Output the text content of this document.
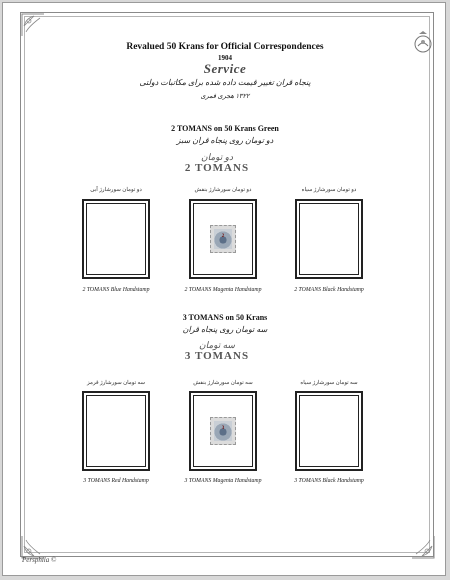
Revalued 50 Krans for Official Correspondences
1904
Service
پنجاه قران تغییر قیمت داده شده برای مکاتبات دولتی
۱۳۲۲ هجری قمری
2 TOMANS on 50 Krans Green
دو تومان روی پنجاه قران سبز
دو تومان
2 TOMANS
دو تومان سورشارژ آبی	دو تومان سورشارژ بنفش	دو تومان سورشارژ سیاه
2
2 TOMANS Blue Handstamp	2 TOMANS Magenta Handstamp	2 TOMANS Black Handstamp
3 TOMANS on 50 Krans
سه تومان روی پنجاه قران
سه تومان
3 TOMANS
سه تومان سورشارژ قرمز	سه تومان سورشارژ بنفش	سه تومان سورشارژ سیاه
3
3 TOMANS Red Handstamp	3 TOMANS Magenta Handstamp	3 TOMANS Black Handstamp
Persphila ©
